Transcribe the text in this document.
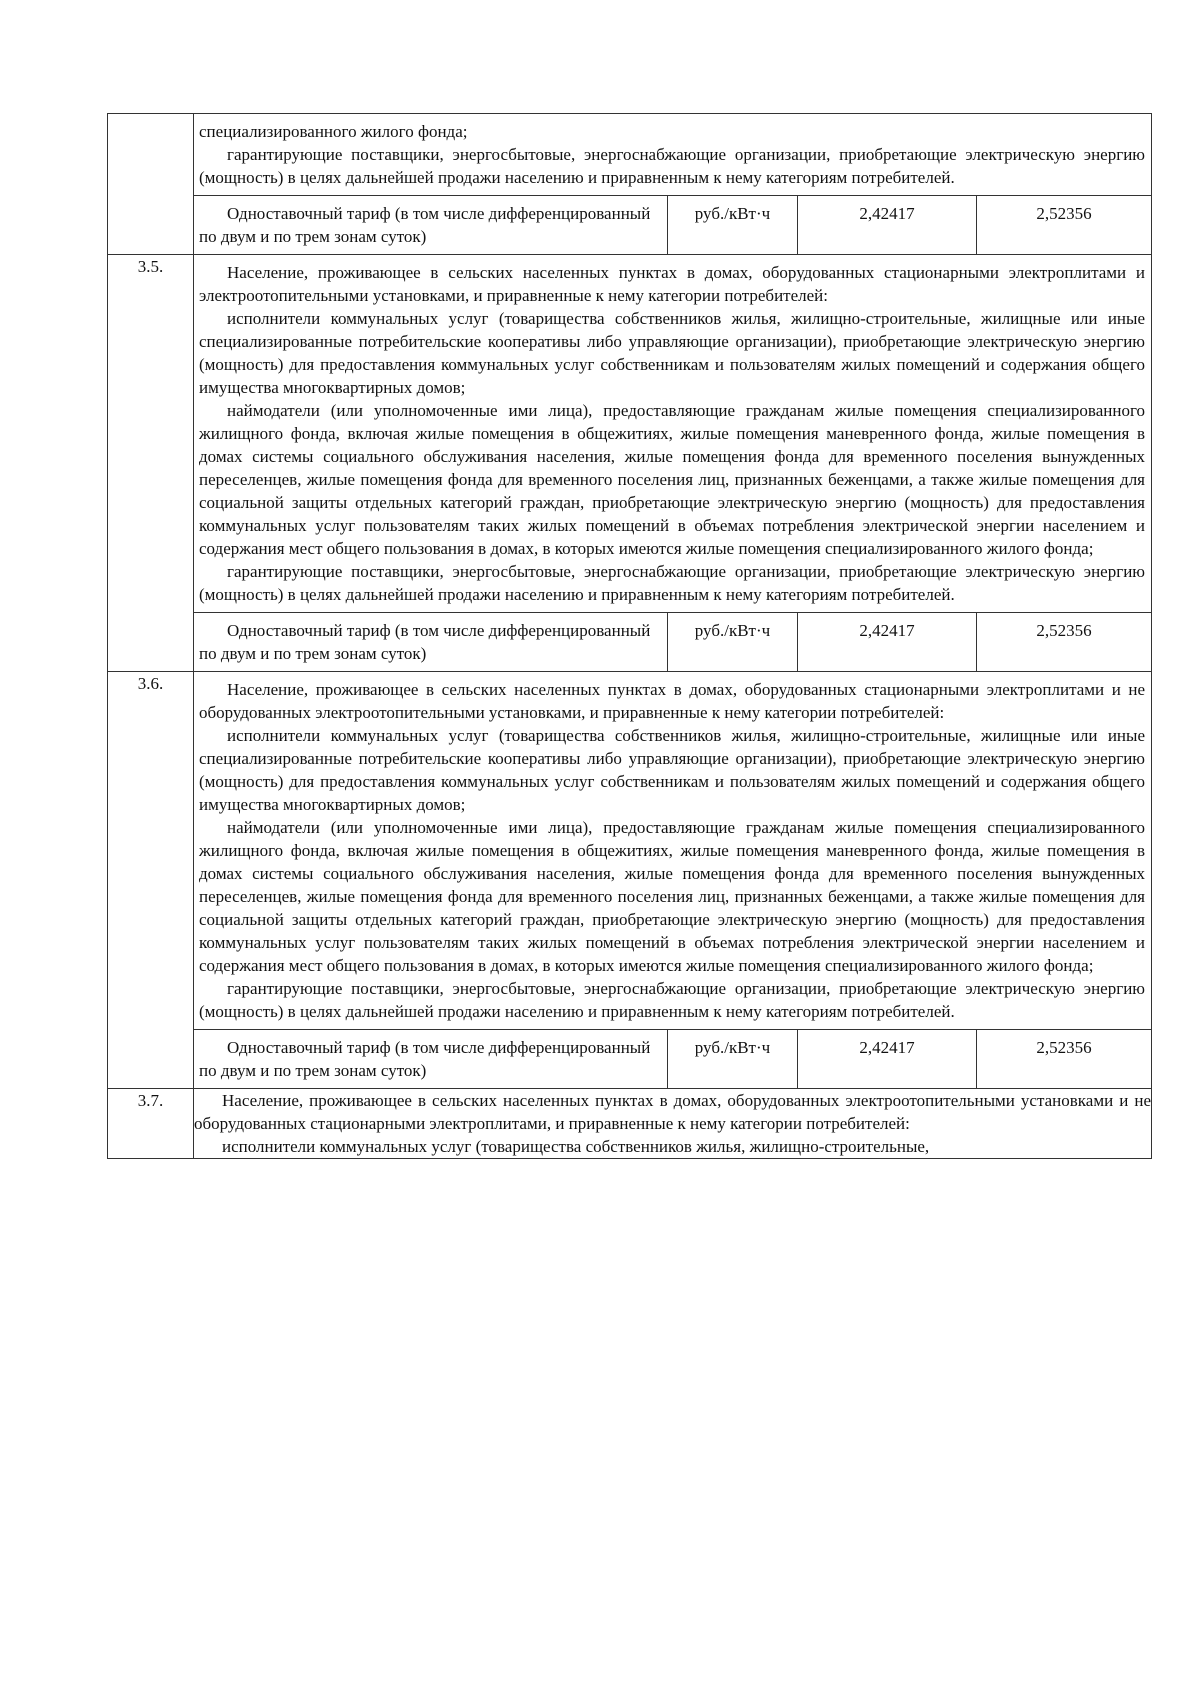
специализированного жилого фонда;

гарантирующие поставщики, энергосбытовые, энергоснабжающие организации, приобретающие электрическую энергию (мощность) в целях дальнейшей продажи населению и приравненным к нему категориям потребителей.

Одноставочный тариф (в том числе дифференцированный по двум и по трем зонам суток)	руб./кВт·ч	2,42417	2,52356

3.5.	Население, проживающее в сельских населенных пунктах в домах, оборудованных стационарными электроплитами и электроотопительными установками, и приравненные к нему категории потребителей:

исполнители коммунальных услуг (товарищества собственников жилья, жилищно-строительные, жилищные или иные специализированные потребительские кооперативы либо управляющие организации), приобретающие электрическую энергию (мощность) для предоставления коммунальных услуг собственникам и пользователям жилых помещений и содержания общего имущества многоквартирных домов;

наймодатели (или уполномоченные ими лица), предоставляющие гражданам жилые помещения специализированного жилищного фонда, включая жилые помещения в общежитиях, жилые помещения маневренного фонда, жилые помещения в домах системы социального обслуживания населения, жилые помещения фонда для временного поселения вынужденных переселенцев, жилые помещения фонда для временного поселения лиц, признанных беженцами, а также жилые помещения для социальной защиты отдельных категорий граждан, приобретающие электрическую энергию (мощность) для предоставления коммунальных услуг пользователям таких жилых помещений в объемах потребления электрической энергии населением и содержания мест общего пользования в домах, в которых имеются жилые помещения специализированного жилого фонда;

гарантирующие поставщики, энергосбытовые, энергоснабжающие организации, приобретающие электрическую энергию (мощность) в целях дальнейшей продажи населению и приравненным к нему категориям потребителей.

Одноставочный тариф (в том числе дифференцированный по двум и по трем зонам суток)	руб./кВт·ч	2,42417	2,52356

3.6.	Население, проживающее в сельских населенных пунктах в домах, оборудованных стационарными электроплитами и не оборудованных электроотопительными установками, и приравненные к нему категории потребителей:

исполнители коммунальных услуг (товарищества собственников жилья, жилищно-строительные, жилищные или иные специализированные потребительские кооперативы либо управляющие организации), приобретающие электрическую энергию (мощность) для предоставления коммунальных услуг собственникам и пользователям жилых помещений и содержания общего имущества многоквартирных домов;

наймодатели (или уполномоченные ими лица), предоставляющие гражданам жилые помещения специализированного жилищного фонда, включая жилые помещения в общежитиях, жилые помещения маневренного фонда, жилые помещения в домах системы социального обслуживания населения, жилые помещения фонда для временного поселения вынужденных переселенцев, жилые помещения фонда для временного поселения лиц, признанных беженцами, а также жилые помещения для социальной защиты отдельных категорий граждан, приобретающие электрическую энергию (мощность) для предоставления коммунальных услуг пользователям таких жилых помещений в объемах потребления электрической энергии населением и содержания мест общего пользования в домах, в которых имеются жилые помещения специализированного жилого фонда;

гарантирующие поставщики, энергосбытовые, энергоснабжающие организации, приобретающие электрическую энергию (мощность) в целях дальнейшей продажи населению и приравненным к нему категориям потребителей.

Одноставочный тариф (в том числе дифференцированный по двум и по трем зонам суток)	руб./кВт·ч	2,42417	2,52356

3.7.	Население, проживающее в сельских населенных пунктах в домах, оборудованных электроотопительными установками и не оборудованных стационарными электроплитами, и приравненные к нему категории потребителей:

исполнители коммунальных услуг (товарищества собственников жилья, жилищно-строительные,
